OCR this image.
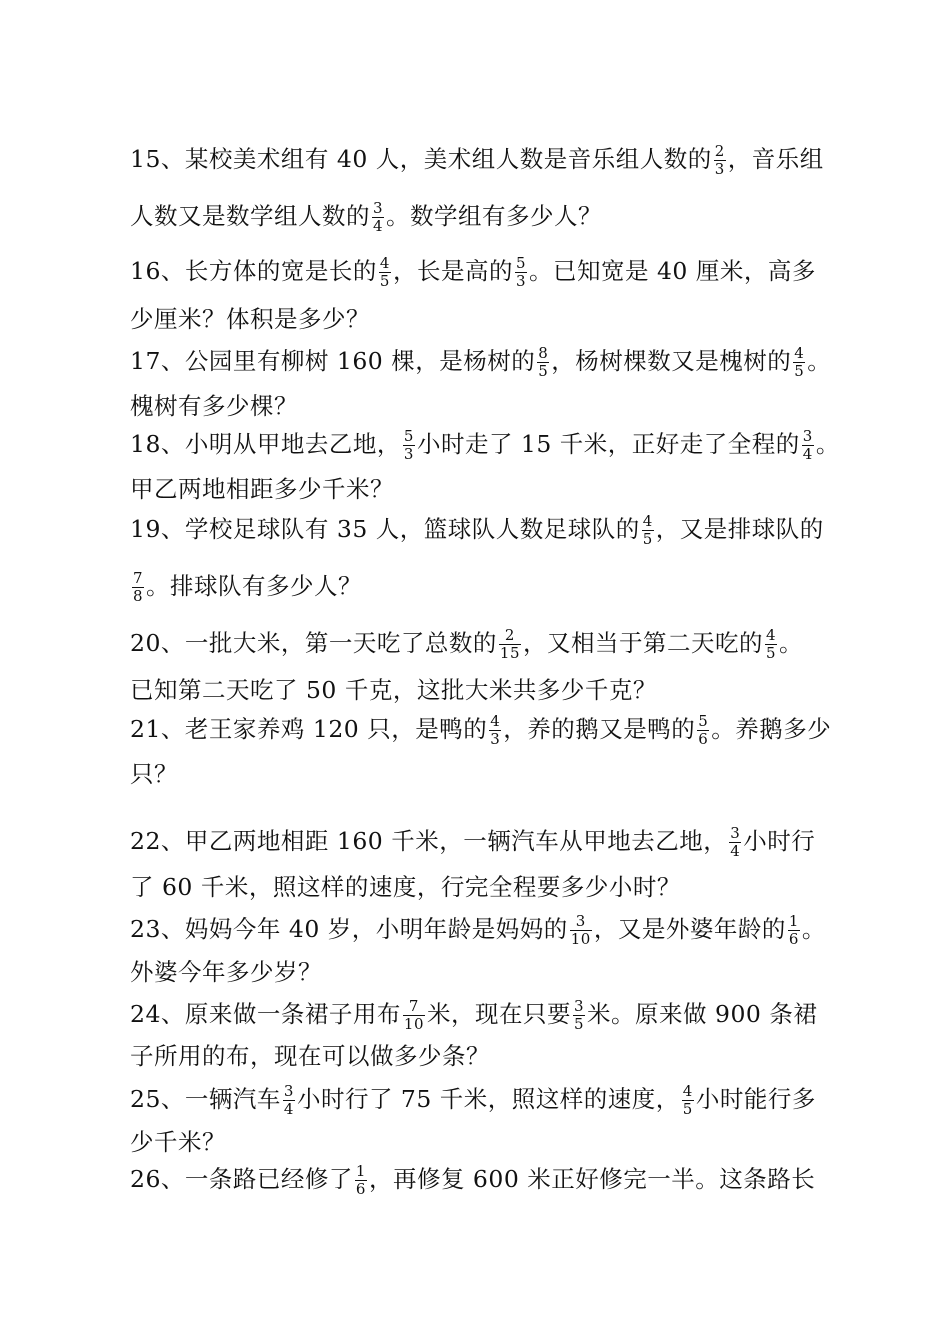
15、某校美术组有 40 人，美术组人数是音乐组人数的 $\frac{2}{3}$ ，音乐组
人数又是数学组人数的 $\frac{3}{4}$ 。数学组有多少人？
16、长方体的宽是长的 $\frac{4}{5}$ ，长是高的 $\frac{5}{3}$ 。已知宽是 40 厘米，高多
少厘米？体积是多少？
17、公园里有柳树 160 棵，是杨树的 $\frac{8}{5}$ ，杨树棵数又是槐树的 $\frac{4}{5}$ 。
槐树有多少棵？
18、小明从甲地去乙地， $\frac{5}{3}$ 小时走了 15 千米，正好走了全程的 $\frac{3}{4}$ 。
甲乙两地相距多少千米？
19、学校足球队有 35 人，篮球队人数足球队的 $\frac{4}{5}$ ，又是排球队的
$\frac{7}{8}$ 。排球队有多少人？
20、一批大米，第一天吃了总数的 $\frac{2}{15}$ ，又相当于第二天吃的 $\frac{4}{5}$ 。
已知第二天吃了 50 千克，这批大米共多少千克？
21、老王家养鸡 120 只，是鸭的 $\frac{4}{3}$ ，养的鹅又是鸭的 $\frac{5}{6}$ 。养鹅多少
只？
22、甲乙两地相距 160 千米，一辆汽车从甲地去乙地， $\frac{3}{4}$ 小时行
了 60 千米，照这样的速度，行完全程要多少小时？
23、妈妈今年 40 岁，小明年龄是妈妈的 $\frac{3}{10}$ ，又是外婆年龄的 $\frac{1}{6}$ 。
外婆今年多少岁？
24、原来做一条裙子用布 $\frac{7}{10}$ 米，现在只要 $\frac{3}{5}$ 米。原来做 900 条裙
子所用的布，现在可以做多少条？
25、一辆汽车 $\frac{3}{4}$ 小时行了 75 千米，照这样的速度， $\frac{4}{5}$ 小时能行多
少千米？
26、一条路已经修了 $\frac{1}{6}$ ，再修复 600 米正好修完一半。这条路长
